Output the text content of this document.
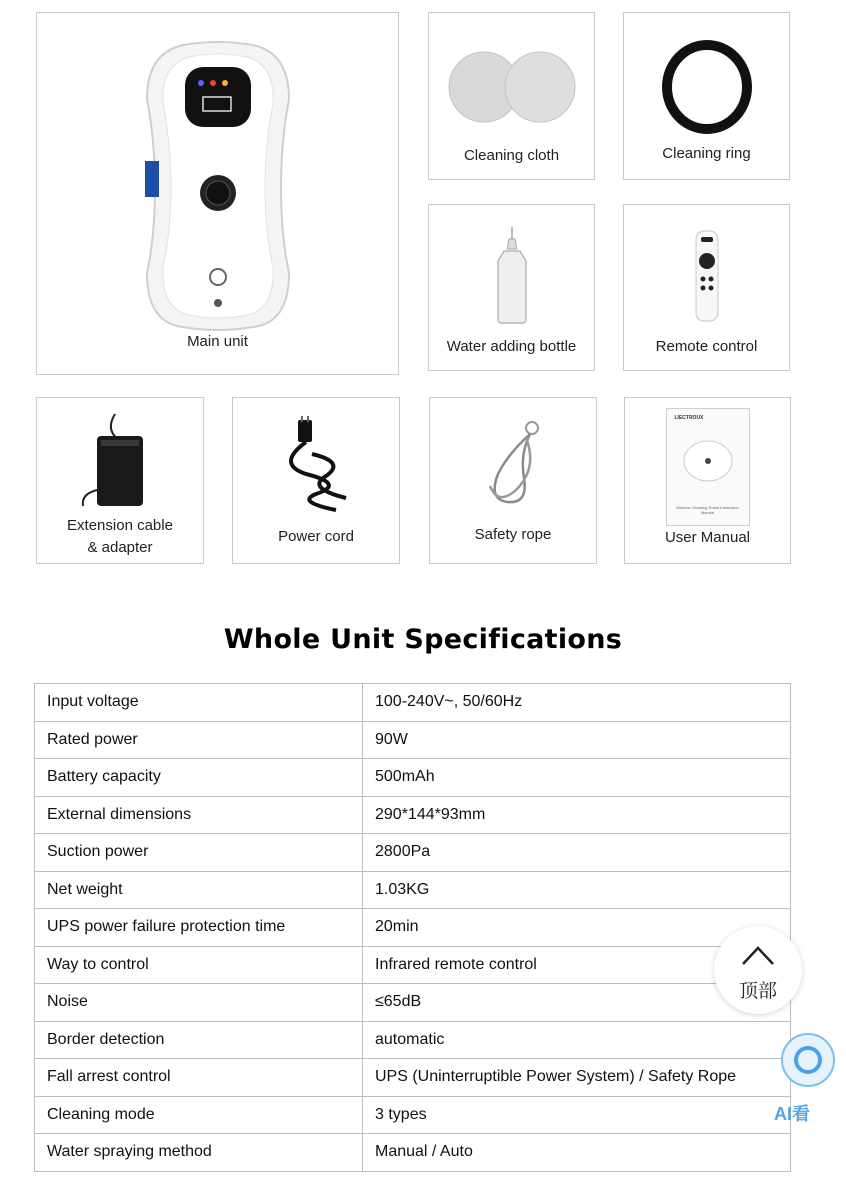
Main unit
Cleaning cloth	Cleaning ring
Water adding bottle	Remote control
Extension cable
& adapter
Power cord	Safety rope
LIECTROUX
Window Cleaning Robot Instruction Manual
User Manual
Whole Unit Specifications
Input voltage	100-240V~, 50/60Hz
Rated power	90W
Battery capacity	500mAh
External dimensions	290*144*93mm
Suction power	2800Pa
Net weight	1.03KG
UPS power failure protection time	20min
Way to control	Infrared remote control
Noise	≤65dB
Border detection	automatic
Fall arrest control	UPS (Uninterruptible Power System) / Safety Rope
Cleaning mode	3 types
Water spraying method	Manual / Auto
顶部
AI看
